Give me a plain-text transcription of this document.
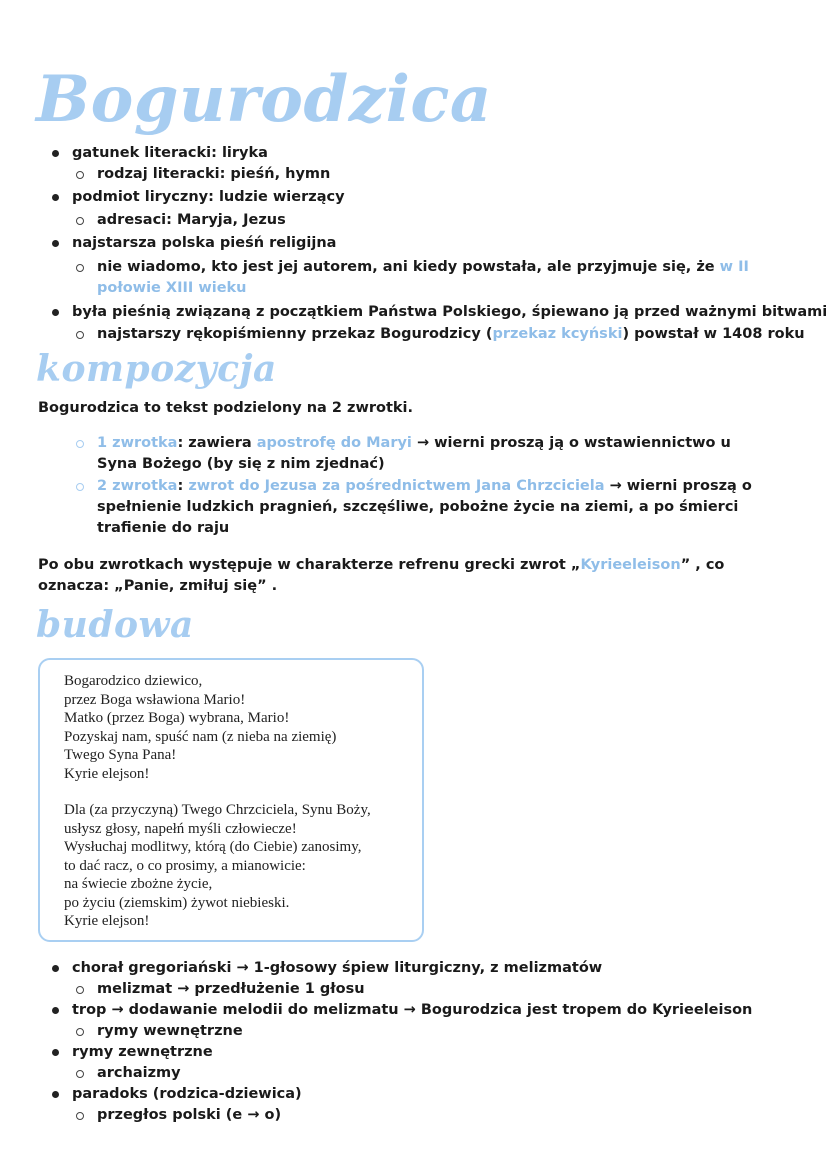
Bogurodzica
gatunek literacki: liryka
rodzaj literacki: pieśń, hymn
podmiot liryczny: ludzie wierzący
adresaci: Maryja, Jezus
najstarsza polska pieśń religijna
nie wiadomo, kto jest jej autorem, ani kiedy powstała, ale przyjmuje się, że w II połowie XIII wieku
była pieśnią związaną z początkiem Państwa Polskiego, śpiewano ją przed ważnymi bitwami
najstarszy rękopiśmienny przekaz Bogurodzicy (przekaz kcyński) powstał w 1408 roku
kompozycja
Bogurodzica to tekst podzielony na 2 zwrotki.
1 zwrotka: zawiera apostrofę do Maryi → wierni proszą ją o wstawiennictwo u Syna Bożego (by się z nim zjednać)
2 zwrotka: zwrot do Jezusa za pośrednictwem Jana Chrzciciela → wierni proszą o spełnienie ludzkich pragnień, szczęśliwe, pobożne życie na ziemi, a po śmierci trafienie do raju
Po obu zwrotkach występuje w charakterze refrenu grecki zwrot „Kyrieeleison” , co oznacza: „Panie, zmiłuj się” .
budowa
Bogarodzico dziewico,
przez Boga wsławiona Mario!
Matko (przez Boga) wybrana, Mario!
Pozyskaj nam, spuść nam (z nieba na ziemię)
Twego Syna Pana!
Kyrie elejson!
Dla (za przyczyną) Twego Chrzciciela, Synu Boży,
usłysz głosy, napełń myśli człowiecze!
Wysłuchaj modlitwy, którą (do Ciebie) zanosimy,
to dać racz, o co prosimy, a mianowicie:
na świecie zbożne życie,
po życiu (ziemskim) żywot niebieski.
Kyrie elejson!
chorał gregoriański → 1-głosowy śpiew liturgiczny, z melizmatów
melizmat → przedłużenie 1 głosu
trop → dodawanie melodii do melizmatu → Bogurodzica jest tropem do Kyrieeleison
rymy wewnętrzne
rymy zewnętrzne
archaizmy
paradoks (rodzica-dziewica)
przegłos polski (e → o)
